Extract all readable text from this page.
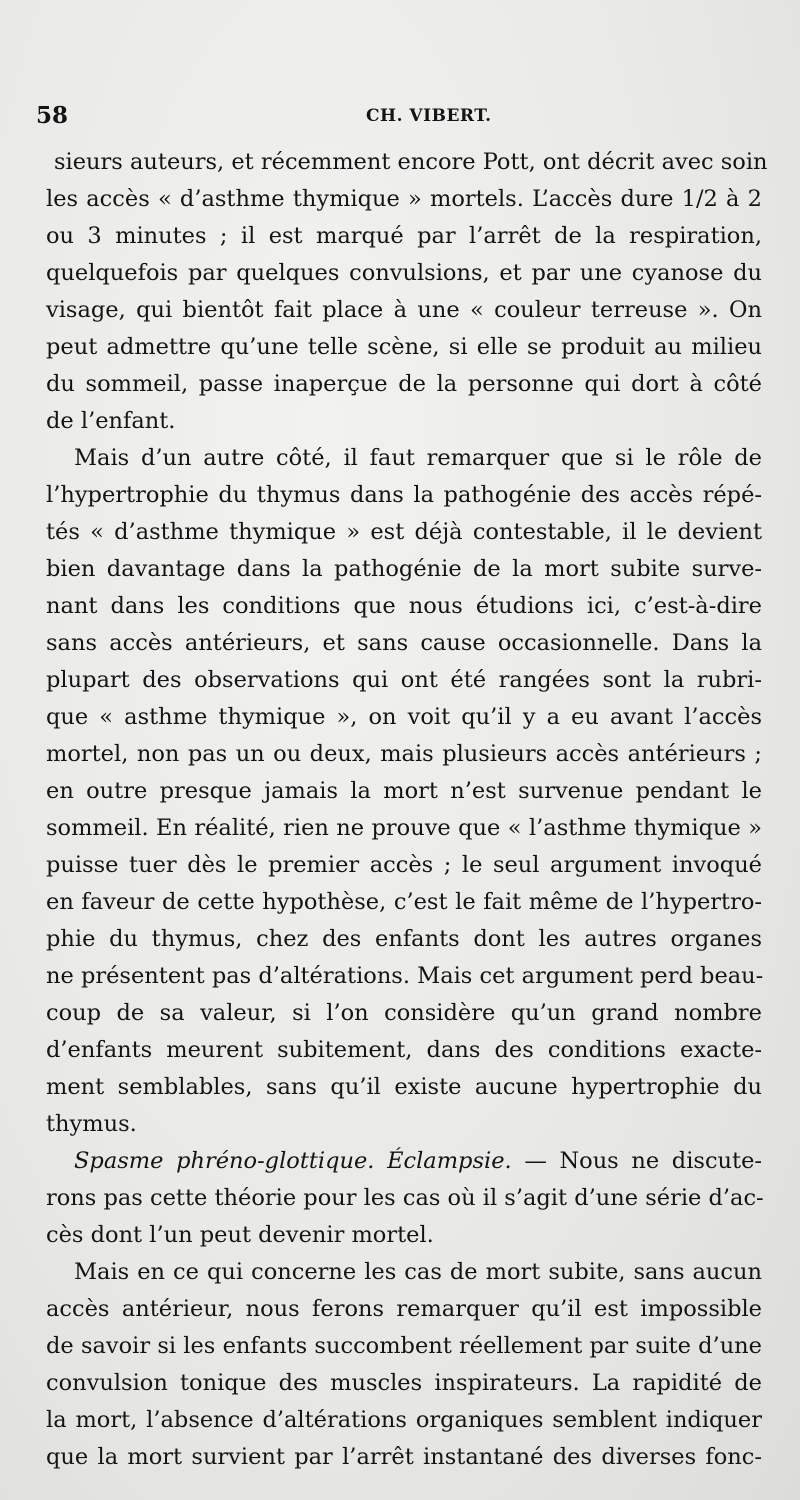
58	CH. VIBERT.
sieurs auteurs, et récemment encore Pott, ont décrit avec soin
les accès « d’asthme thymique » mortels. L’accès dure 1/2 à 2
ou 3 minutes ; il est marqué par l’arrêt de la respiration,
quelquefois par quelques convulsions, et par une cyanose du
visage, qui bientôt fait place à une « couleur terreuse ». On
peut admettre qu’une telle scène, si elle se produit au milieu
du sommeil, passe inaperçue de la personne qui dort à côté
de l’enfant.
Mais d’un autre côté, il faut remarquer que si le rôle de
l’hypertrophie du thymus dans la pathogénie des accès répé-
tés « d’asthme thymique » est déjà contestable, il le devient
bien davantage dans la pathogénie de la mort subite surve-
nant dans les conditions que nous étudions ici, c’est-à-dire
sans accès antérieurs, et sans cause occasionnelle. Dans la
plupart des observations qui ont été rangées sont la rubri-
que « asthme thymique », on voit qu’il y a eu avant l’accès
mortel, non pas un ou deux, mais plusieurs accès antérieurs ;
en outre presque jamais la mort n’est survenue pendant le
sommeil. En réalité, rien ne prouve que « l’asthme thymique »
puisse tuer dès le premier accès ; le seul argument invoqué
en faveur de cette hypothèse, c’est le fait même de l’hypertro-
phie du thymus, chez des enfants dont les autres organes
ne présentent pas d’altérations. Mais cet argument perd beau-
coup de sa valeur, si l’on considère qu’un grand nombre
d’enfants meurent subitement, dans des conditions exacte-
ment semblables, sans qu’il existe aucune hypertrophie du
thymus.
Spasme phréno-glottique. Éclampsie. — Nous ne discute-
rons pas cette théorie pour les cas où il s’agit d’une série d’ac-
cès dont l’un peut devenir mortel.
Mais en ce qui concerne les cas de mort subite, sans aucun
accès antérieur, nous ferons remarquer qu’il est impossible
de savoir si les enfants succombent réellement par suite d’une
convulsion tonique des muscles inspirateurs. La rapidité de
la mort, l’absence d’altérations organiques semblent indiquer
que la mort survient par l’arrêt instantané des diverses fonc-
